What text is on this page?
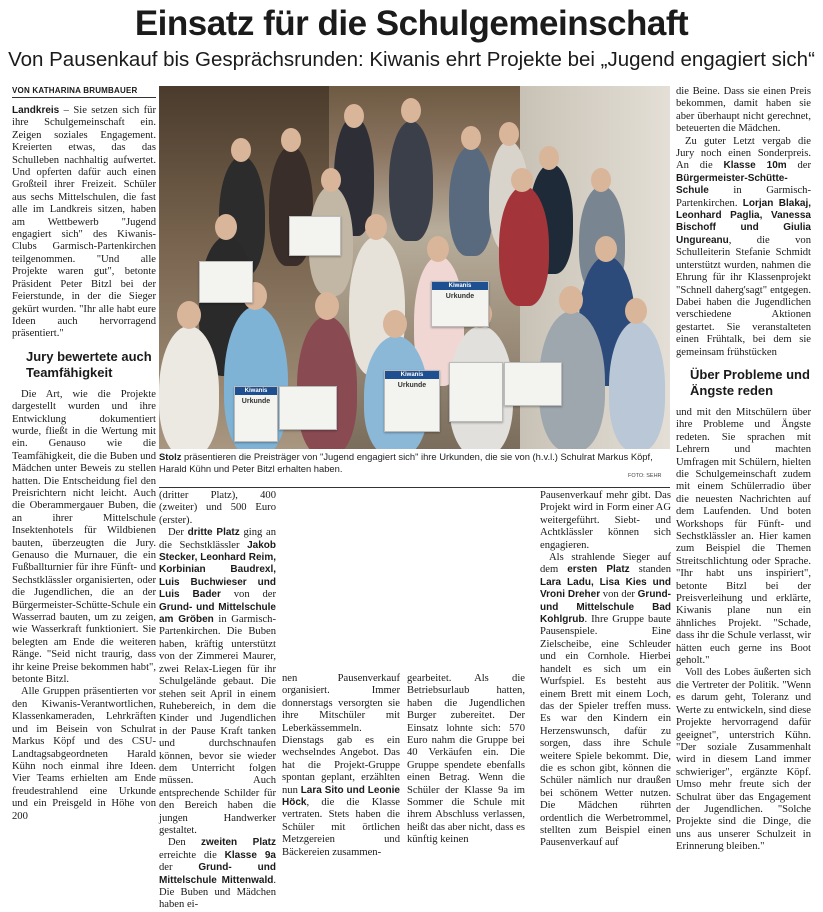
Einsatz für die Schulgemeinschaft
Von Pausenkauf bis Gesprächsrunden: Kiwanis ehrt Projekte bei „Jugend engagiert sich“
VON KATHARINA BRUMBAUER

Landkreis – Sie setzen sich für ihre Schulgemeinschaft ein. Zeigen soziales Engagement. Kreierten etwas, das das Schulleben nachhaltig aufwertet. Und opferten dafür auch einen Großteil ihrer Freizeit. Schüler aus sechs Mittelschulen, die fast alle im Landkreis sitzen, haben am Wettbewerb "Jugend engagiert sich" des Kiwanis-Clubs Garmisch-Partenkirchen teilgenommen. "Und alle Projekte waren gut", betonte Präsident Peter Bitzl bei der Feierstunde, in der die Sieger gekürt wurden. "Ihr alle habt eure Ideen auch hervorragend präsentiert."

Jury bewertete auch Teamfähigkeit

Die Art, wie die Projekte dargestellt wurden und ihre Entwicklung dokumentiert wurde, fließt in die Wertung mit ein. Genauso wie die Teamfähigkeit, die die Buben und Mädchen unter Beweis zu stellen hatten. Die Entscheidung fiel den Preisrichtern nicht leicht. Auch die Oberammergauer Buben, die an ihrer Mittelschule Insektenhotels für Wildbienen bauten, überzeugten die Jury. Genauso die Murnauer, die ein Fußballturnier für ihre Fünft- und Sechstklässler organisierten, oder die Jugendlichen, die an der Bürgermeister-Schütte-Schule ein Wasserrad bauten, um zu zeigen, wie Wasserkraft funktioniert. Sie belegten am Ende die weiteren Ränge. "Seid nicht traurig, dass ihr keine Preise bekommen habt", betonte Bitzl.

Alle Gruppen präsentierten vor den Kiwanis-Verantwortlichen, Klassenkameraden, Lehrkräften und im Beisein von Schulrat Markus Köpf und des CSU-Landtagsabgeordneten Harald Kühn noch einmal ihre Ideen. Vier Teams erhielten am Ende freudestrahlend eine Urkunde und ein Preisgeld in Höhe von 200

Kiwanis
Urkunde
Kiwanis
Urkunde
Kiwanis
Urkunde
Stolz präsentieren die Preisträger von "Jugend engagiert sich" ihre Urkunden, die sie von (h.v.l.) Schulrat Markus Köpf, Harald Kühn und Peter Bitzl erhalten haben.
FOTO: SEHR

(dritter Platz), 400 (zweiter) und 500 Euro (erster).

Der dritte Platz ging an die Sechstklässler Jakob Stecker, Leonhard Reim, Korbinian Baudrexl, Luis Buchwieser und Luis Bader von der Grund- und Mittelschule am Gröben in Garmisch-Partenkirchen. Die Buben haben, kräftig unterstützt von der Zimmerei Maurer, zwei Relax-Liegen für ihr Schulgelände gebaut. Die stehen seit April in einem Ruhebereich, in dem die Kinder und Jugendlichen in der Pause Kraft tanken und durchschnaufen können, bevor sie wieder dem Unterricht folgen müssen. Auch entsprechende Schilder für den Bereich haben die jungen Handwerker gestaltet.

Den zweiten Platz erreichte die Klasse 9a der Grund- und Mittelschule Mittenwald. Die Buben und Mädchen haben ei-

nen Pausenverkauf organisiert. Immer donnerstags versorgten sie ihre Mitschüler mit Leberkässemmeln. Dienstags gab es ein wechselndes Angebot. Das hat die Projekt-Gruppe spontan geplant, erzählten nun Lara Sito und Leonie Höck, die die Klasse vertraten. Stets haben die Schüler mit örtlichen Metzgereien und Bäckereien zusammen-

gearbeitet. Als die Betriebsurlaub hatten, haben die Jugendlichen Burger zubereitet. Der Einsatz lohnte sich: 570 Euro nahm die Gruppe bei 40 Verkäufen ein. Die Gruppe spendete ebenfalls einen Betrag. Wenn die Schüler der Klasse 9a im Sommer die Schule mit ihrem Abschluss verlassen, heißt das aber nicht, dass es künftig keinen

Pausenverkauf mehr gibt. Das Projekt wird in Form einer AG weitergeführt. Siebt- und Achtklässler können sich engagieren.

Als strahlende Sieger auf dem ersten Platz standen Lara Ladu, Lisa Kies und Vroni Dreher von der Grund- und Mittelschule Bad Kohlgrub. Ihre Gruppe baute Pausenspiele. Eine Zielscheibe, eine Schleuder und ein Cornhole. Hierbei handelt es sich um ein Wurfspiel. Es besteht aus einem Brett mit einem Loch, das der Spieler treffen muss. Es war den Kindern ein Herzenswunsch, dafür zu sorgen, dass ihre Schule weitere Spiele bekommt. Die, die es schon gibt, können die Schüler nämlich nur draußen bei schönem Wetter nutzen. Die Mädchen rührten ordentlich die Werbetrommel, stellten zum Beispiel einen Pausenverkauf auf

die Beine. Dass sie einen Preis bekommen, damit haben sie aber überhaupt nicht gerechnet, beteuerten die Mädchen.

Zu guter Letzt vergab die Jury noch einen Sonderpreis. An die Klasse 10m der Bürgermeister-Schütte-Schule in Garmisch-Partenkirchen. Lorjan Blakaj, Leonhard Paglia, Vanessa Bischoff und Giulia Ungureanu, die von Schulleiterin Stefanie Schmidt unterstützt wurden, nahmen die Ehrung für ihr Klassenprojekt "Schnell daherg'sagt" entgegen. Dabei haben die Jugendlichen verschiedene Aktionen gestartet. Sie veranstalteten einen Frühtalk, bei dem sie gemeinsam frühstücken

Über Probleme und Ängste reden

und mit den Mitschülern über ihre Probleme und Ängste redeten. Sie sprachen mit Lehrern und machten Umfragen mit Schülern, hielten die Schulgemeinschaft zudem mit einem Schülerradio über die neuesten Nachrichten auf dem Laufenden. Und boten Workshops für Fünft- und Sechstklässler an. Hier kamen zum Beispiel die Themen Streitschlichtung oder Sprache. "Ihr habt uns inspiriert", betonte Bitzl bei der Preisverleihung und erklärte, Kiwanis plane nun ein ähnliches Projekt. "Schade, dass ihr die Schule verlasst, wir hätten euch gerne ins Boot geholt."

Voll des Lobes äußerten sich die Vertreter der Politik. "Wenn es darum geht, Toleranz und Werte zu entwickeln, sind diese Projekte hervorragend dafür geeignet", unterstrich Kühn. "Der soziale Zusammenhalt wird in diesem Land immer schwieriger", ergänzte Köpf. Umso mehr freute sich der Schulrat über das Engagement der Jugendlichen. "Solche Projekte sind die Dinge, die uns aus unserer Schulzeit in Erinnerung bleiben."
